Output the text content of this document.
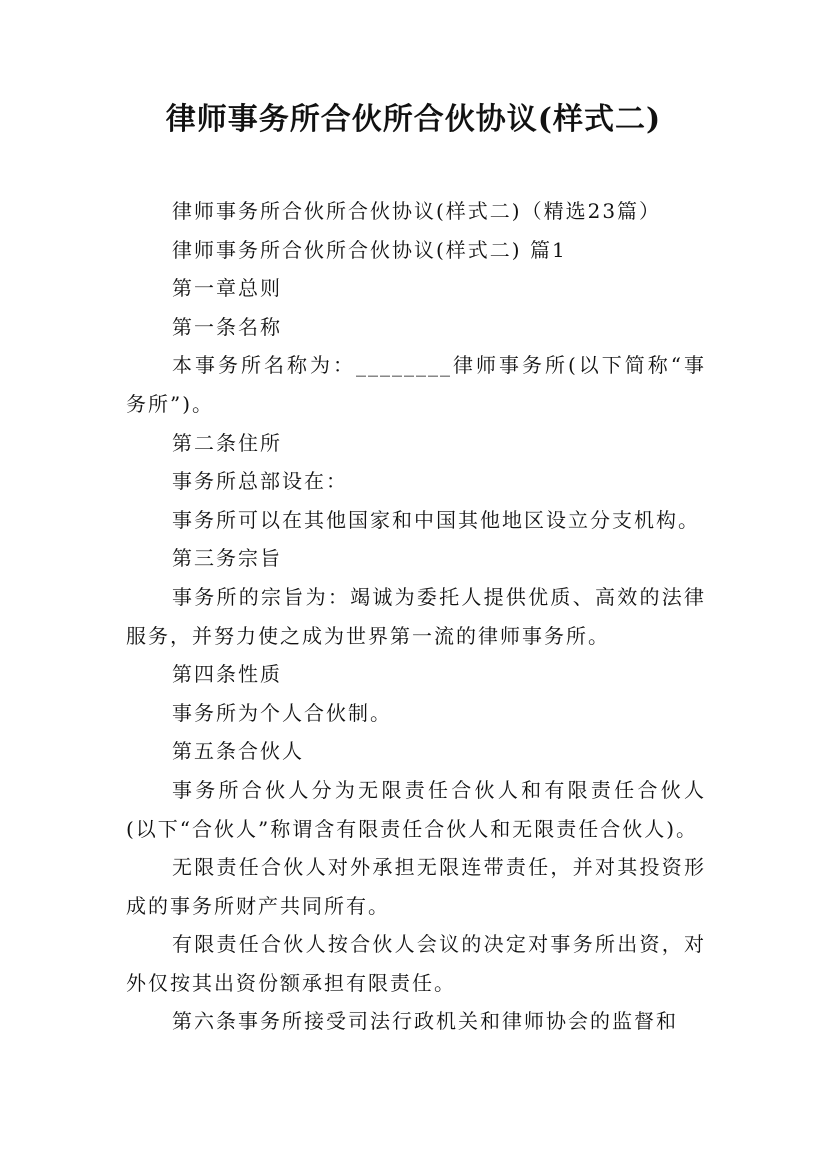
律师事务所合伙所合伙协议(样式二)

律师事务所合伙所合伙协议(样式二)（精选23篇）

律师事务所合伙所合伙协议(样式二) 篇1

第一章总则

第一条名称

本事务所名称为：________律师事务所(以下简称“事务所”)。

第二条住所

事务所总部设在：

事务所可以在其他国家和中国其他地区设立分支机构。

第三务宗旨

事务所的宗旨为：竭诚为委托人提供优质、高效的法律服务，并努力使之成为世界第一流的律师事务所。

第四条性质

事务所为个人合伙制。

第五条合伙人

事务所合伙人分为无限责任合伙人和有限责任合伙人(以下“合伙人”称谓含有限责任合伙人和无限责任合伙人)。

无限责任合伙人对外承担无限连带责任，并对其投资形成的事务所财产共同所有。

有限责任合伙人按合伙人会议的决定对事务所出资，对外仅按其出资份额承担有限责任。

第六条事务所接受司法行政机关和律师协会的监督和
